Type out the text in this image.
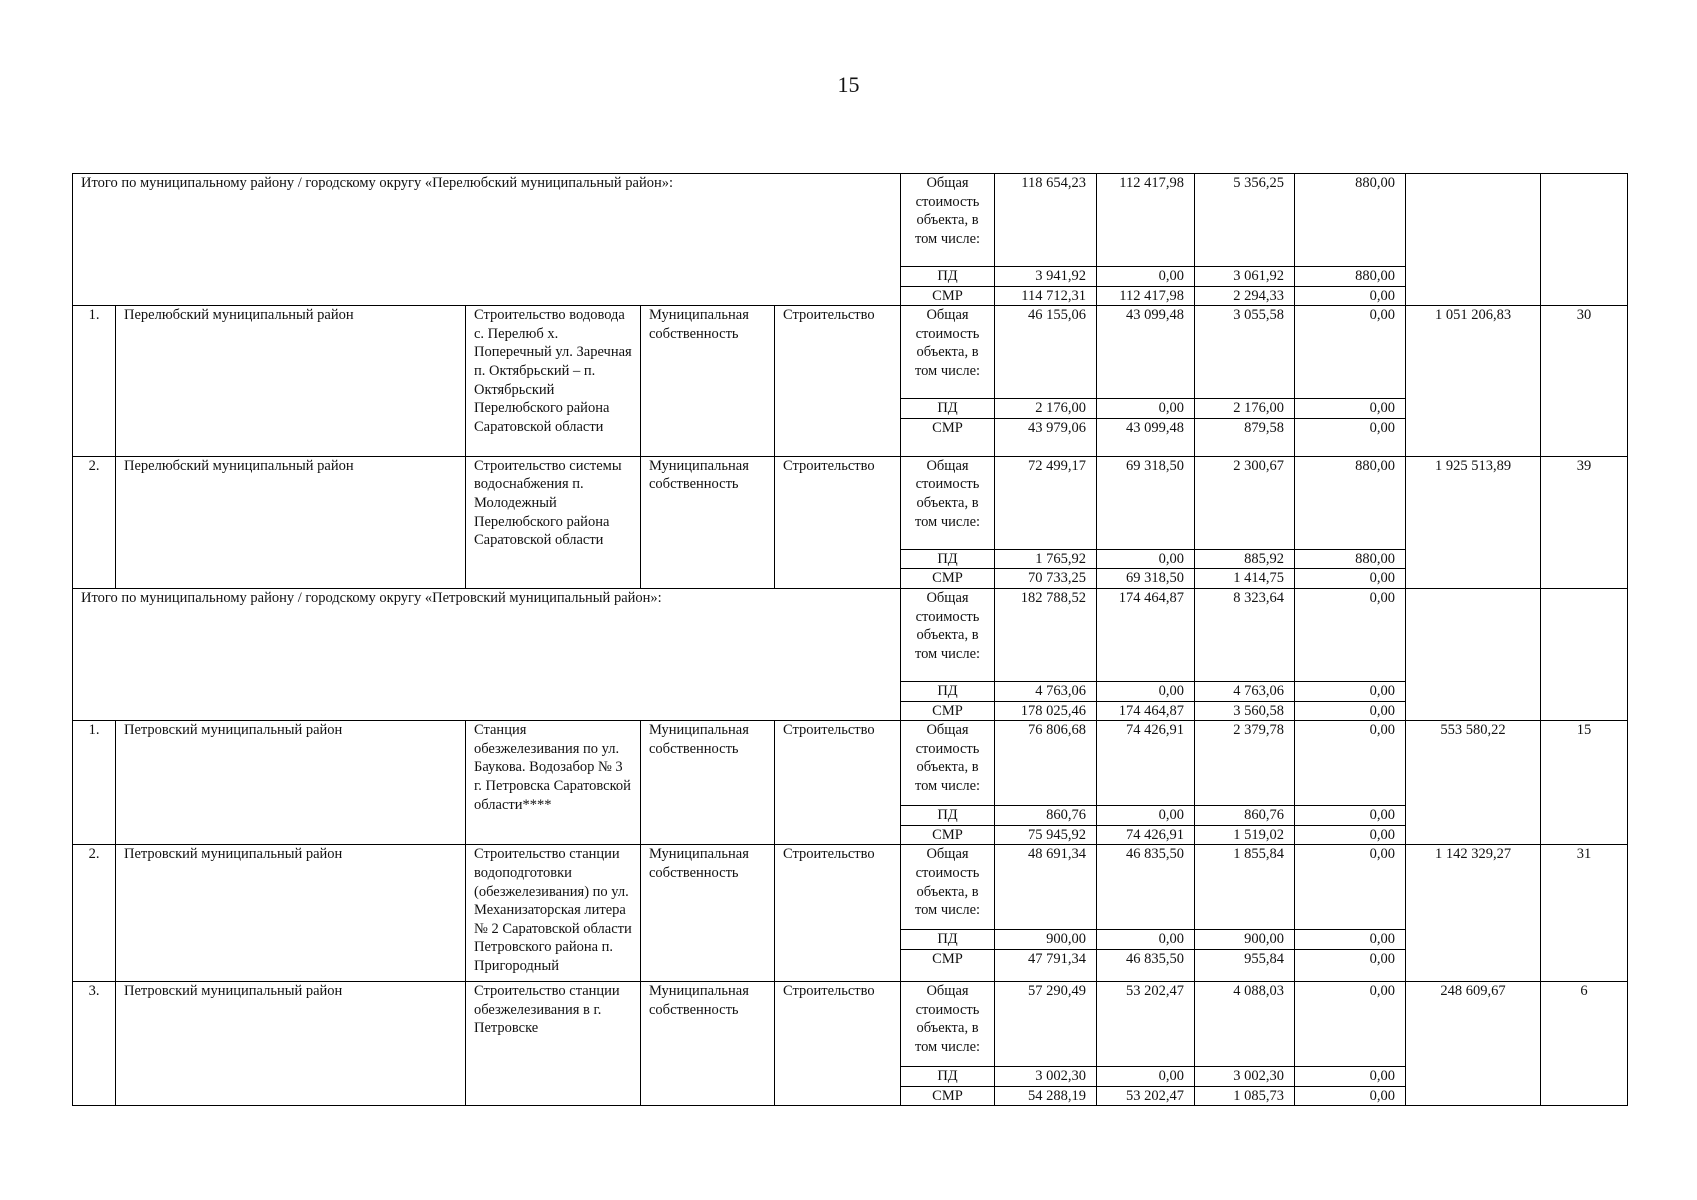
15
Итого по муниципальному району / городскому округу «Перелюбский муниципальный район»:					Общая стоимость объекта, в том числе:	118 654,23	112 417,98	5 356,25	880,00		
					ПД	3 941,92	0,00	3 061,92	880,00		
					СМР	114 712,31	112 417,98	2 294,33	0,00		
1.	Перелюбский муниципальный район	Строительство водовода с. Перелюб х. Поперечный ул. Заречная п. Октябрьский – п. Октябрьский Перелюбского района Саратовской области	Муниципальная собственность	Строительство	Общая стоимость объекта, в том числе:	46 155,06	43 099,48	3 055,58	0,00	1 051 206,83	30
					ПД	2 176,00	0,00	2 176,00	0,00		
					СМР	43 979,06	43 099,48	879,58	0,00		
2.	Перелюбский муниципальный район	Строительство системы водоснабжения п. Молодежный Перелюбского района Саратовской области	Муниципальная собственность	Строительство	Общая стоимость объекта, в том числе:	72 499,17	69 318,50	2 300,67	880,00	1 925 513,89	39
					ПД	1 765,92	0,00	885,92	880,00		
					СМР	70 733,25	69 318,50	1 414,75	0,00		
Итого по муниципальному району / городскому округу «Петровский муниципальный район»:					Общая стоимость объекта, в том числе:	182 788,52	174 464,87	8 323,64	0,00		
					ПД	4 763,06	0,00	4 763,06	0,00		
					СМР	178 025,46	174 464,87	3 560,58	0,00		
1.	Петровский муниципальный район	Станция обезжелезивания по ул. Баукова. Водозабор № 3 г. Петровска Саратовской области****	Муниципальная собственность	Строительство	Общая стоимость объекта, в том числе:	76 806,68	74 426,91	2 379,78	0,00	553 580,22	15
					ПД	860,76	0,00	860,76	0,00		
					СМР	75 945,92	74 426,91	1 519,02	0,00		
2.	Петровский муниципальный район	Строительство станции водоподготовки (обезжелезивания) по ул. Механизаторская литера № 2 Саратовской области Петровского района п. Пригородный	Муниципальная собственность	Строительство	Общая стоимость объекта, в том числе:	48 691,34	46 835,50	1 855,84	0,00	1 142 329,27	31
					ПД	900,00	0,00	900,00	0,00		
					СМР	47 791,34	46 835,50	955,84	0,00		
3.	Петровский муниципальный район	Строительство станции обезжелезивания в г. Петровске	Муниципальная собственность	Строительство	Общая стоимость объекта, в том числе:	57 290,49	53 202,47	4 088,03	0,00	248 609,67	6
					ПД	3 002,30	0,00	3 002,30	0,00		
					СМР	54 288,19	53 202,47	1 085,73	0,00		
